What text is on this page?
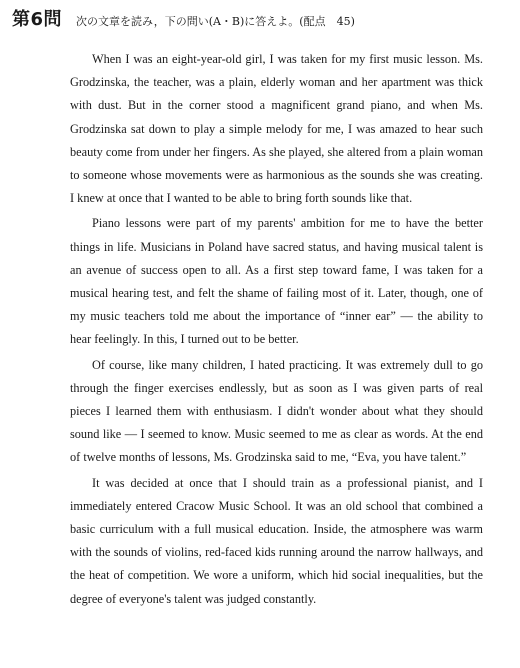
第6問 次の文章を読み，下の問い(A・B)に答えよ。(配点　45)

When I was an eight-year-old girl, I was taken for my first music lesson. Ms. Grodzinska, the teacher, was a plain, elderly woman and her apartment was thick with dust. But in the corner stood a magnificent grand piano, and when Ms. Grodzinska sat down to play a simple melody for me, I was amazed to hear such beauty come from under her fingers. As she played, she altered from a plain woman to someone whose movements were as harmonious as the sounds she was creating. I knew at once that I wanted to be able to bring forth sounds like that.

Piano lessons were part of my parents' ambition for me to have the better things in life. Musicians in Poland have sacred status, and having musical talent is an avenue of success open to all. As a first step toward fame, I was taken for a musical hearing test, and felt the shame of failing most of it. Later, though, one of my music teachers told me about the importance of “inner ear” — the ability to hear feelingly. In this, I turned out to be better.

Of course, like many children, I hated practicing. It was extremely dull to go through the finger exercises endlessly, but as soon as I was given parts of real pieces I learned them with enthusiasm. I didn't wonder about what they should sound like — I seemed to know. Music seemed to me as clear as words. At the end of twelve months of lessons, Ms. Grodzinska said to me, “Eva, you have talent.”

It was decided at once that I should train as a professional pianist, and I immediately entered Cracow Music School. It was an old school that combined a basic curriculum with a full musical education. Inside, the atmosphere was warm with the sounds of violins, red-faced kids running around the narrow hallways, and the heat of competition. We wore a uniform, which hid social inequalities, but the degree of everyone's talent was judged constantly.
